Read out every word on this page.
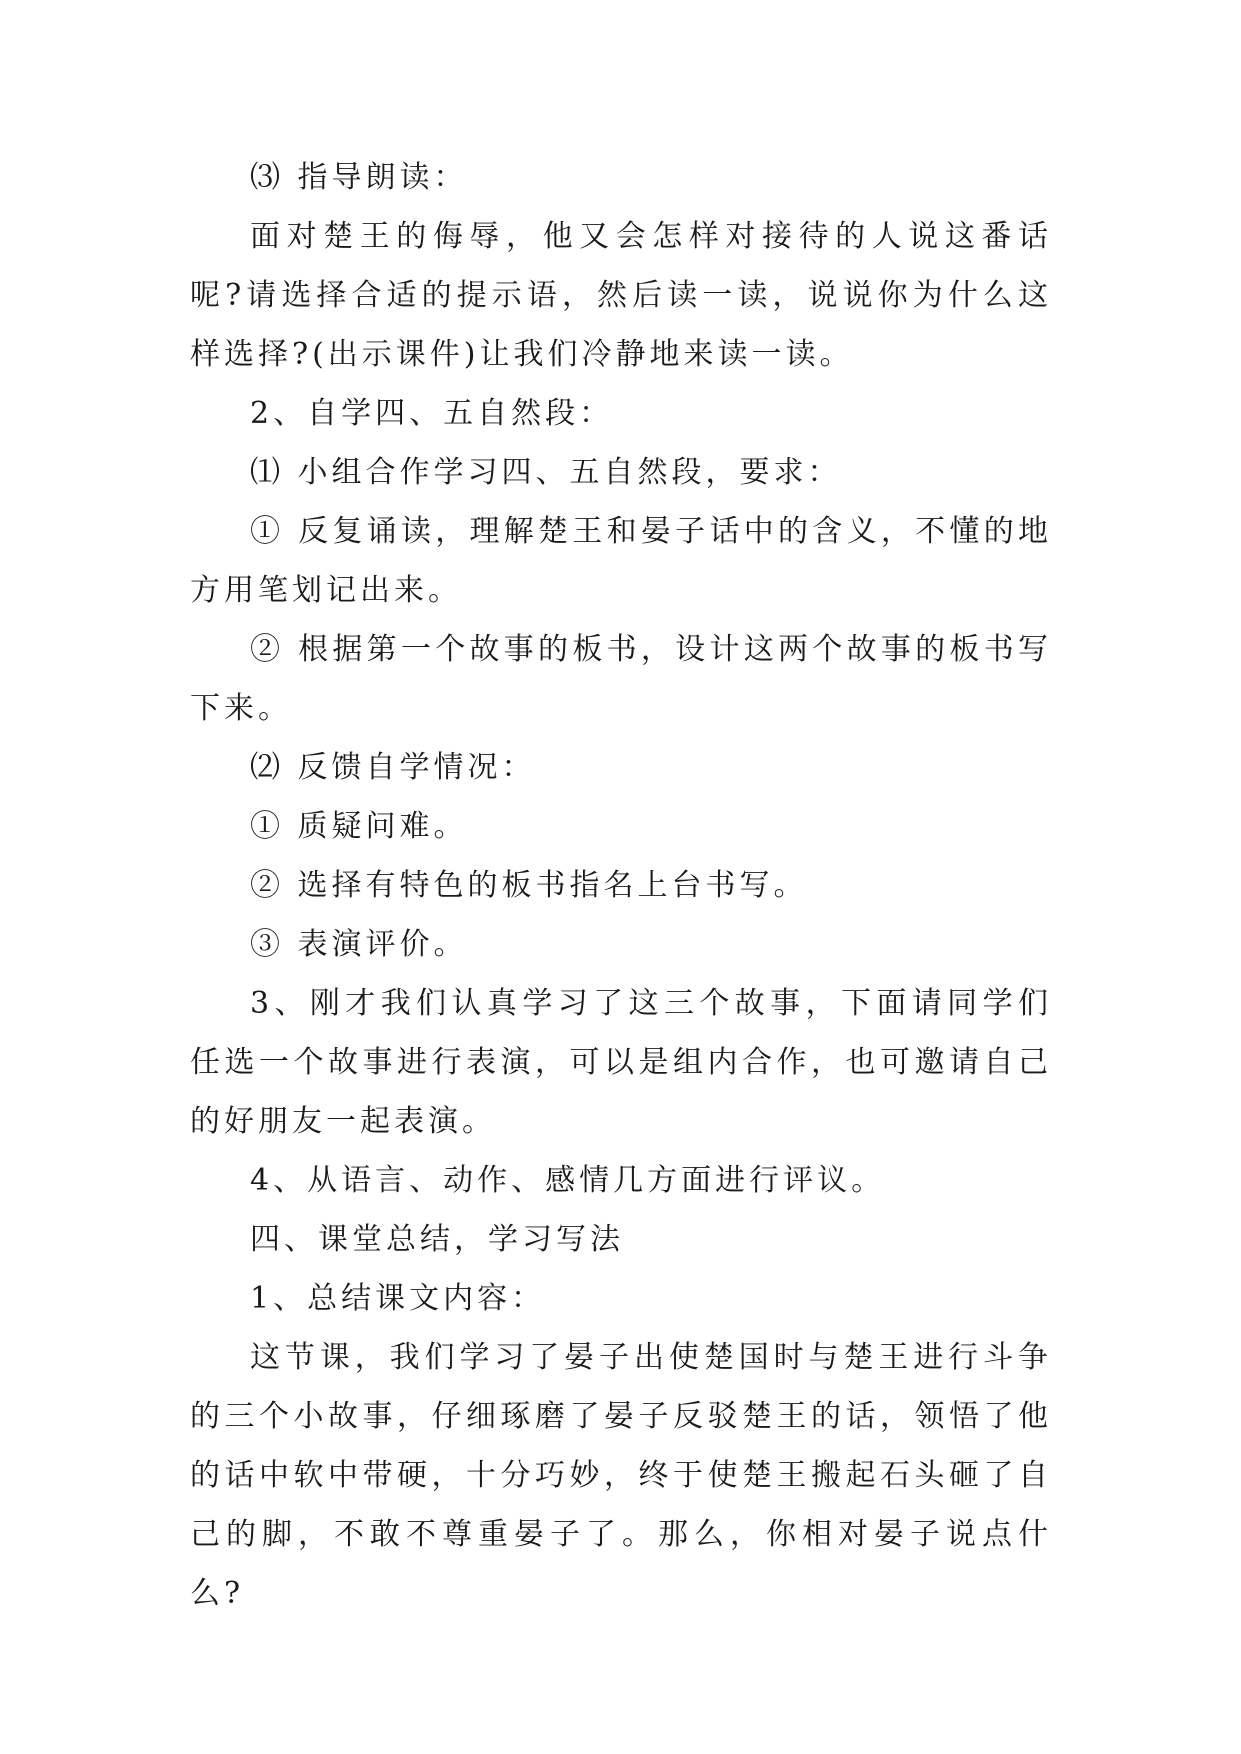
⑶ 指导朗读：

面对楚王的侮辱，他又会怎样对接待的人说这番话呢?请选择合适的提示语，然后读一读，说说你为什么这样选择?(出示课件)让我们冷静地来读一读。

2、自学四、五自然段：

⑴ 小组合作学习四、五自然段，要求：

① 反复诵读，理解楚王和晏子话中的含义，不懂的地方用笔划记出来。

② 根据第一个故事的板书，设计这两个故事的板书写下来。

⑵ 反馈自学情况：

① 质疑问难。

② 选择有特色的板书指名上台书写。

③ 表演评价。

3、刚才我们认真学习了这三个故事，下面请同学们任选一个故事进行表演，可以是组内合作，也可邀请自己的好朋友一起表演。

4、从语言、动作、感情几方面进行评议。

四、课堂总结，学习写法

1、总结课文内容：

这节课，我们学习了晏子出使楚国时与楚王进行斗争的三个小故事，仔细琢磨了晏子反驳楚王的话，领悟了他的话中软中带硬，十分巧妙，终于使楚王搬起石头砸了自己的脚，不敢不尊重晏子了。那么，你相对晏子说点什么?
